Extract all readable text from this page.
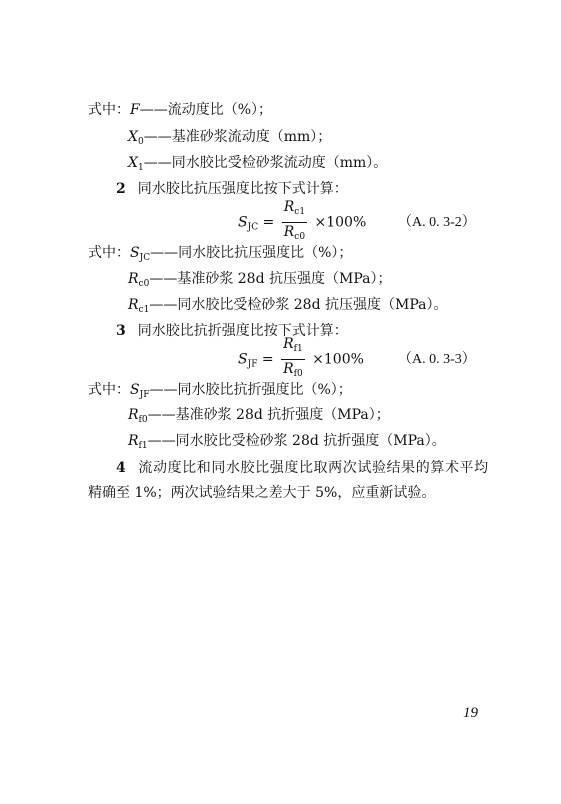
式中：F——流动度比（%）；
$X_0——$基准砂浆流动度（mm）；
$X_1——$同水胶比受检砂浆流动度（mm）。
2 同水胶比抗压强度比按下式计算：
$S_{JC} = \frac{R_{c1}}{R_{c0}} \times 100\%$ （A. 0. 3-2）
式中：$S_{JC}——$同水胶比抗压强度比（%）；
$R_{c0}——$基准砂浆 28d 抗压强度（MPa）；
$R_{c1}——$同水胶比受检砂浆 28d 抗压强度（MPa）。
3 同水胶比抗折强度比按下式计算：
$S_{JF} = \frac{R_{f1}}{R_{f0}} \times 100\%$ （A. 0. 3-3）
式中：$S_{JF}——$同水胶比抗折强度比（%）；
$R_{f0}——$基准砂浆 28d 抗折强度（MPa）；
$R_{f1}——$同水胶比受检砂浆 28d 抗折强度（MPa）。
4 流动度比和同水胶比强度比取两次试验结果的算术平均
精确至 1%；两次试验结果之差大于 5%，应重新试验。
19
